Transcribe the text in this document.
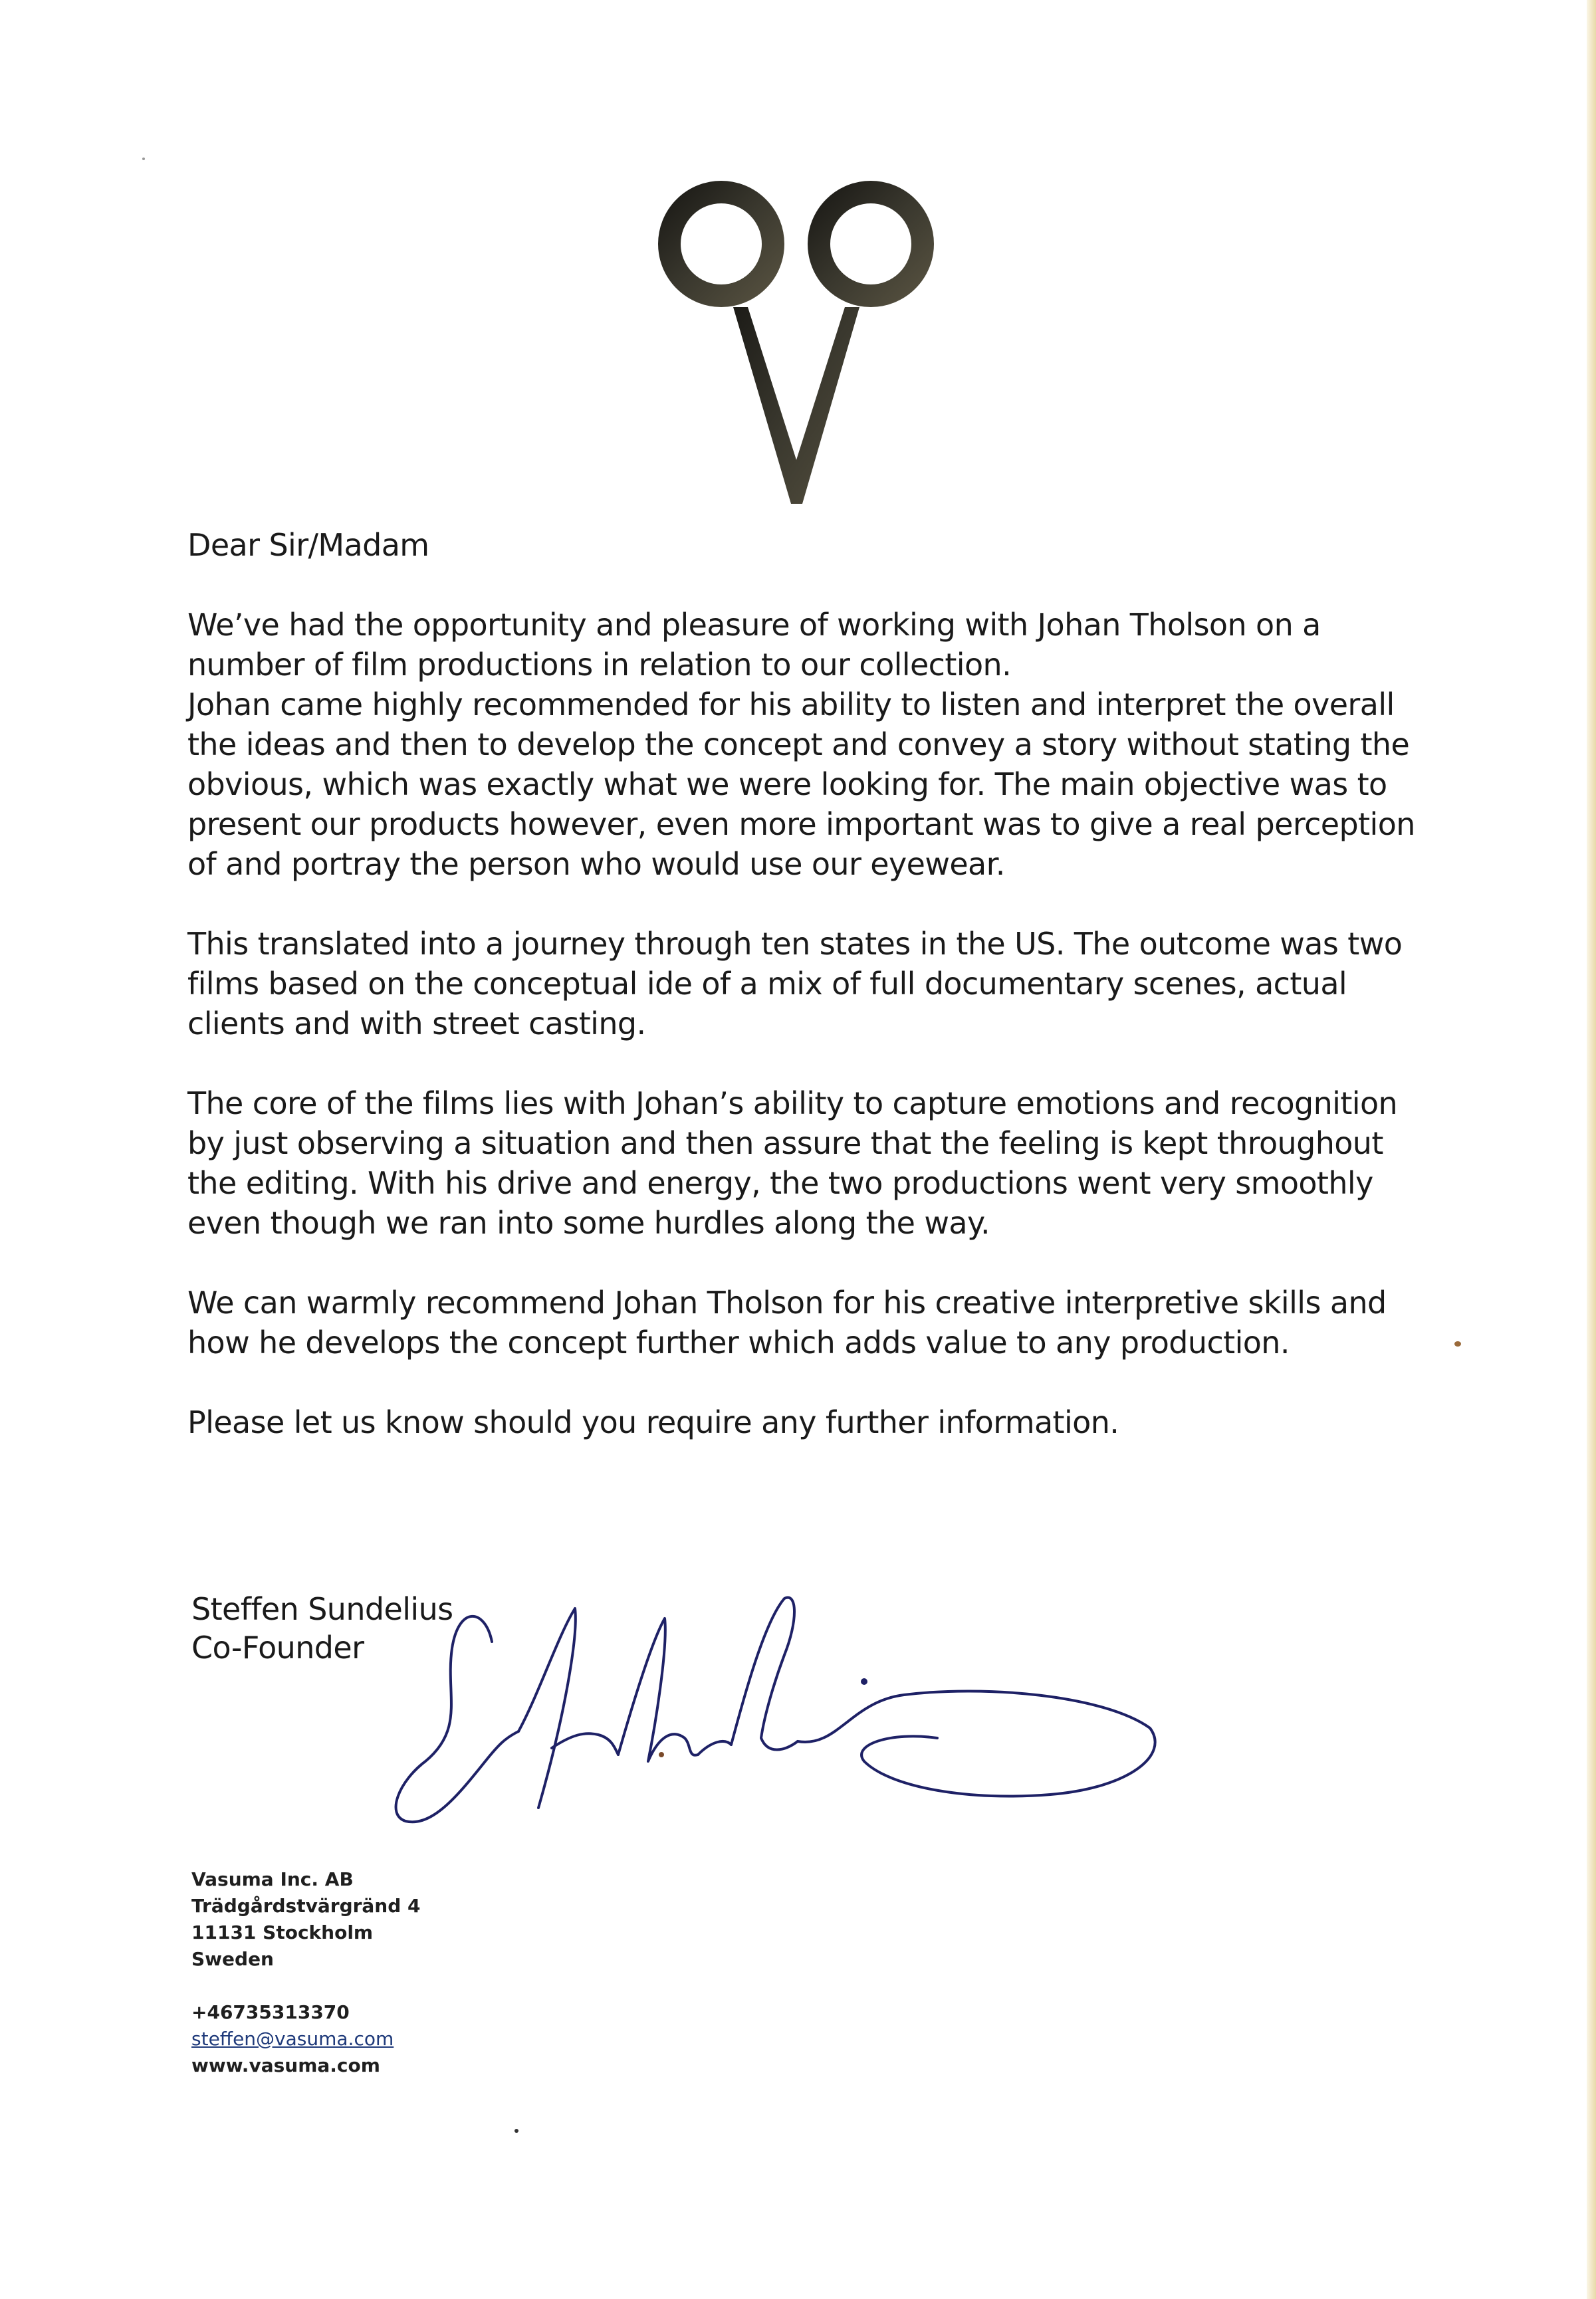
Dear Sir/Madam

We’ve had the opportunity and pleasure of working with Johan Tholson on a number of film productions in relation to our collection.

Johan came highly recommended for his ability to listen and interpret the overall the ideas and then to develop the concept and convey a story without stating the obvious, which was exactly what we were looking for. The main objective was to present our products however, even more important was to give a real perception of and portray the person who would use our eyewear.

This translated into a journey through ten states in the US. The outcome was two films based on the conceptual ide of a mix of full documentary scenes, actual clients and with street casting.

The core of the films lies with Johan’s ability to capture emotions and recognition by just observing a situation and then assure that the feeling is kept throughout the editing. With his drive and energy, the two productions went very smoothly even though we ran into some hurdles along the way.

We can warmly recommend Johan Tholson for his creative interpretive skills and how he develops the concept further which adds value to any production.

Please let us know should you require any further information.

Steffen Sundelius
Co-Founder
Vasuma Inc. AB
Trädgårdstvärgränd 4
11131 Stockholm
Sweden
+46735313370
steffen@vasuma.com
www.vasuma.com
